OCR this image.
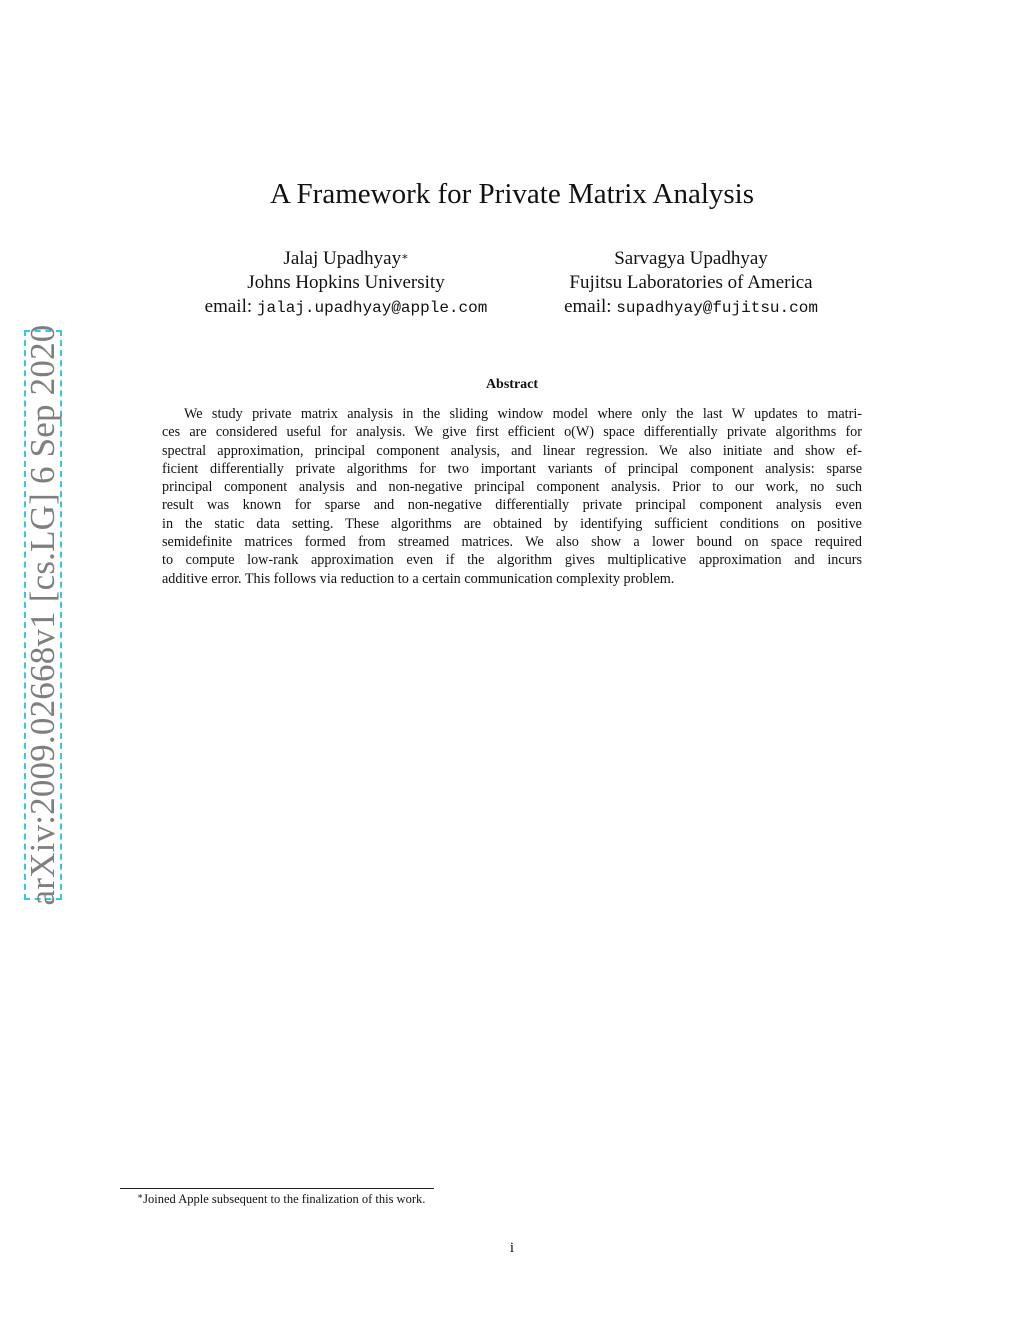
arXiv:2009.02668v1 [cs.LG] 6 Sep 2020
A Framework for Private Matrix Analysis
Jalaj Upadhyay∗
Johns Hopkins University
email: jalaj.upadhyay@apple.com
Sarvagya Upadhyay
Fujitsu Laboratories of America
email: supadhyay@fujitsu.com
Abstract
We study private matrix analysis in the sliding window model where only the last W updates to matri-
ces are considered useful for analysis. We give first efficient o(W) space differentially private algorithms for
spectral approximation, principal component analysis, and linear regression. We also initiate and show ef-
ficient differentially private algorithms for two important variants of principal component analysis: sparse
principal component analysis and non-negative principal component analysis. Prior to our work, no such
result was known for sparse and non-negative differentially private principal component analysis even
in the static data setting. These algorithms are obtained by identifying sufficient conditions on positive
semidefinite matrices formed from streamed matrices. We also show a lower bound on space required
to compute low-rank approximation even if the algorithm gives multiplicative approximation and incurs
additive error. This follows via reduction to a certain communication complexity problem.
∗Joined Apple subsequent to the finalization of this work.
i
